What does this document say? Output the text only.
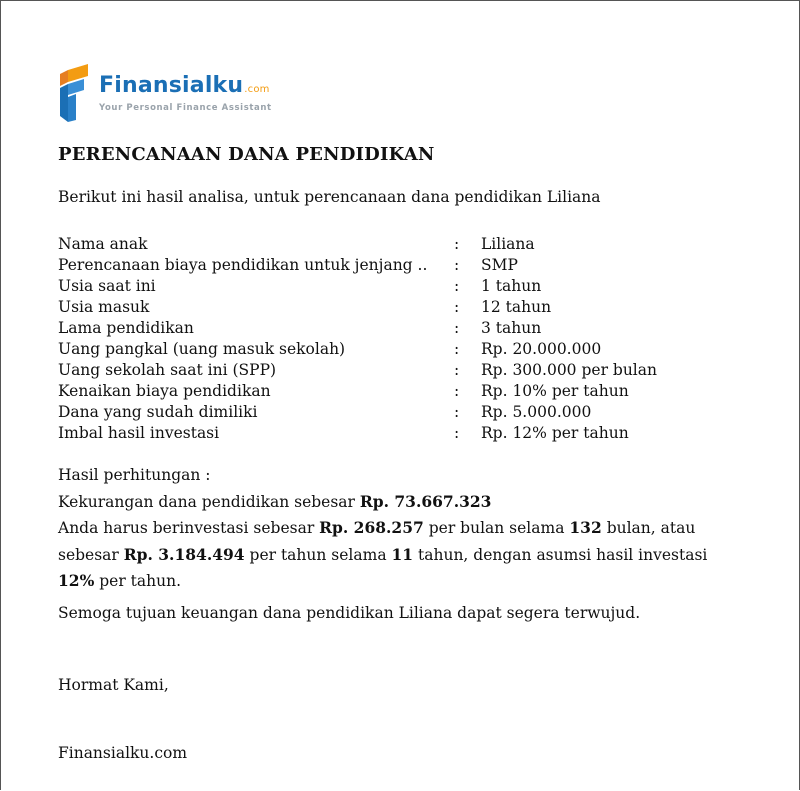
Finansialku.com
Your Personal Finance Assistant
PERENCANAAN DANA PENDIDIKAN
Berikut ini hasil analisa, untuk perencanaan dana pendidikan Liliana
Nama anak	:	Liliana
Perencanaan biaya pendidikan untuk jenjang ..	:	SMP
Usia saat ini	:	1 tahun
Usia masuk	:	12 tahun
Lama pendidikan	:	3 tahun
Uang pangkal (uang masuk sekolah)	:	Rp. 20.000.000
Uang sekolah saat ini (SPP)	:	Rp. 300.000 per bulan
Kenaikan biaya pendidikan	:	Rp. 10% per tahun
Dana yang sudah dimiliki	:	Rp. 5.000.000
Imbal hasil investasi	:	Rp. 12% per tahun
Hasil perhitungan :
Kekurangan dana pendidikan sebesar Rp. 73.667.323
Anda harus berinvestasi sebesar Rp. 268.257 per bulan selama 132 bulan, atau
sebesar Rp. 3.184.494 per tahun selama 11 tahun, dengan asumsi hasil investasi
12% per tahun.
Semoga tujuan keuangan dana pendidikan Liliana dapat segera terwujud.
Hormat Kami,
Finansialku.com
